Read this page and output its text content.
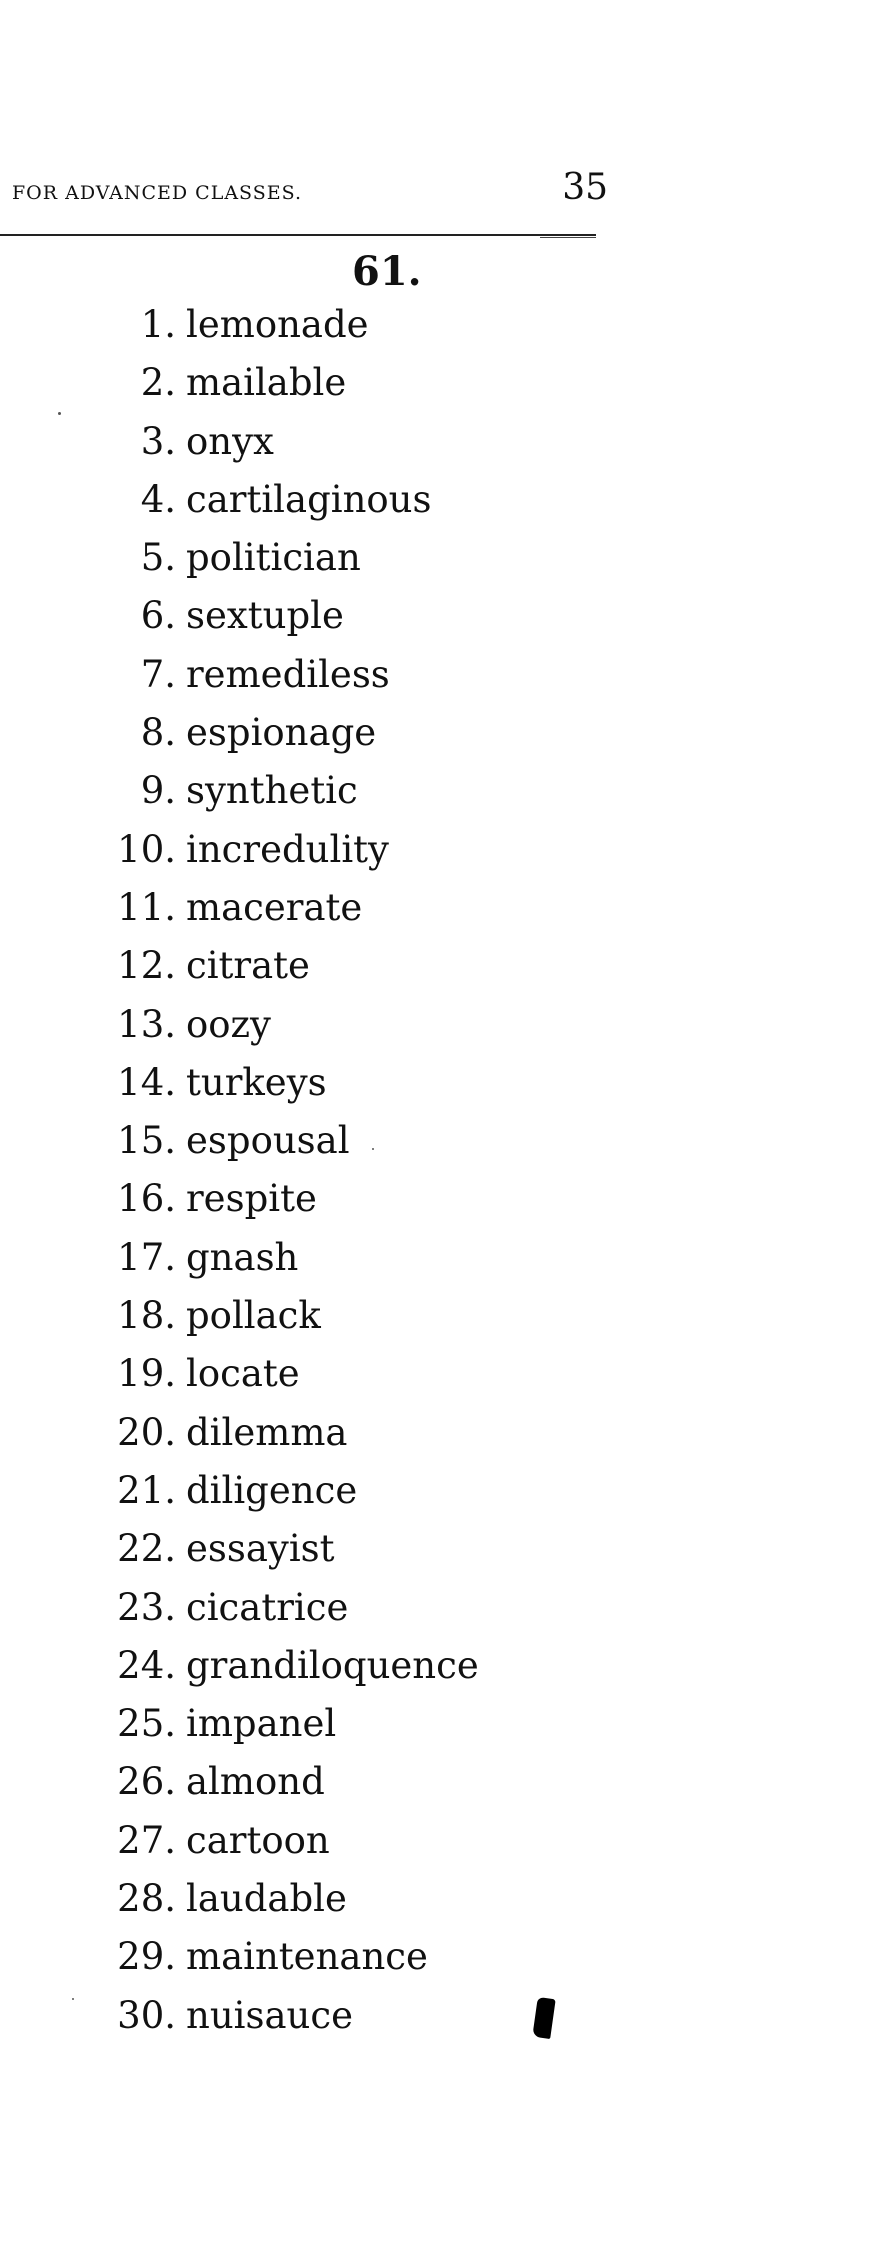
FOR ADVANCED CLASSES.	35
61.
1. lemonade
2. mailable
3. onyx
4. cartilaginous
5. politician
6. sextuple
7. remediless
8. espionage
9. synthetic
10. incredulity
11. macerate
12. citrate
13. oozy
14. turkeys
15. espousal
16. respite
17. gnash
18. pollack
19. locate
20. dilemma
21. diligence
22. essayist
23. cicatrice
24. grandiloquence
25. impanel
26. almond
27. cartoon
28. laudable
29. maintenance
30. nuisauce
